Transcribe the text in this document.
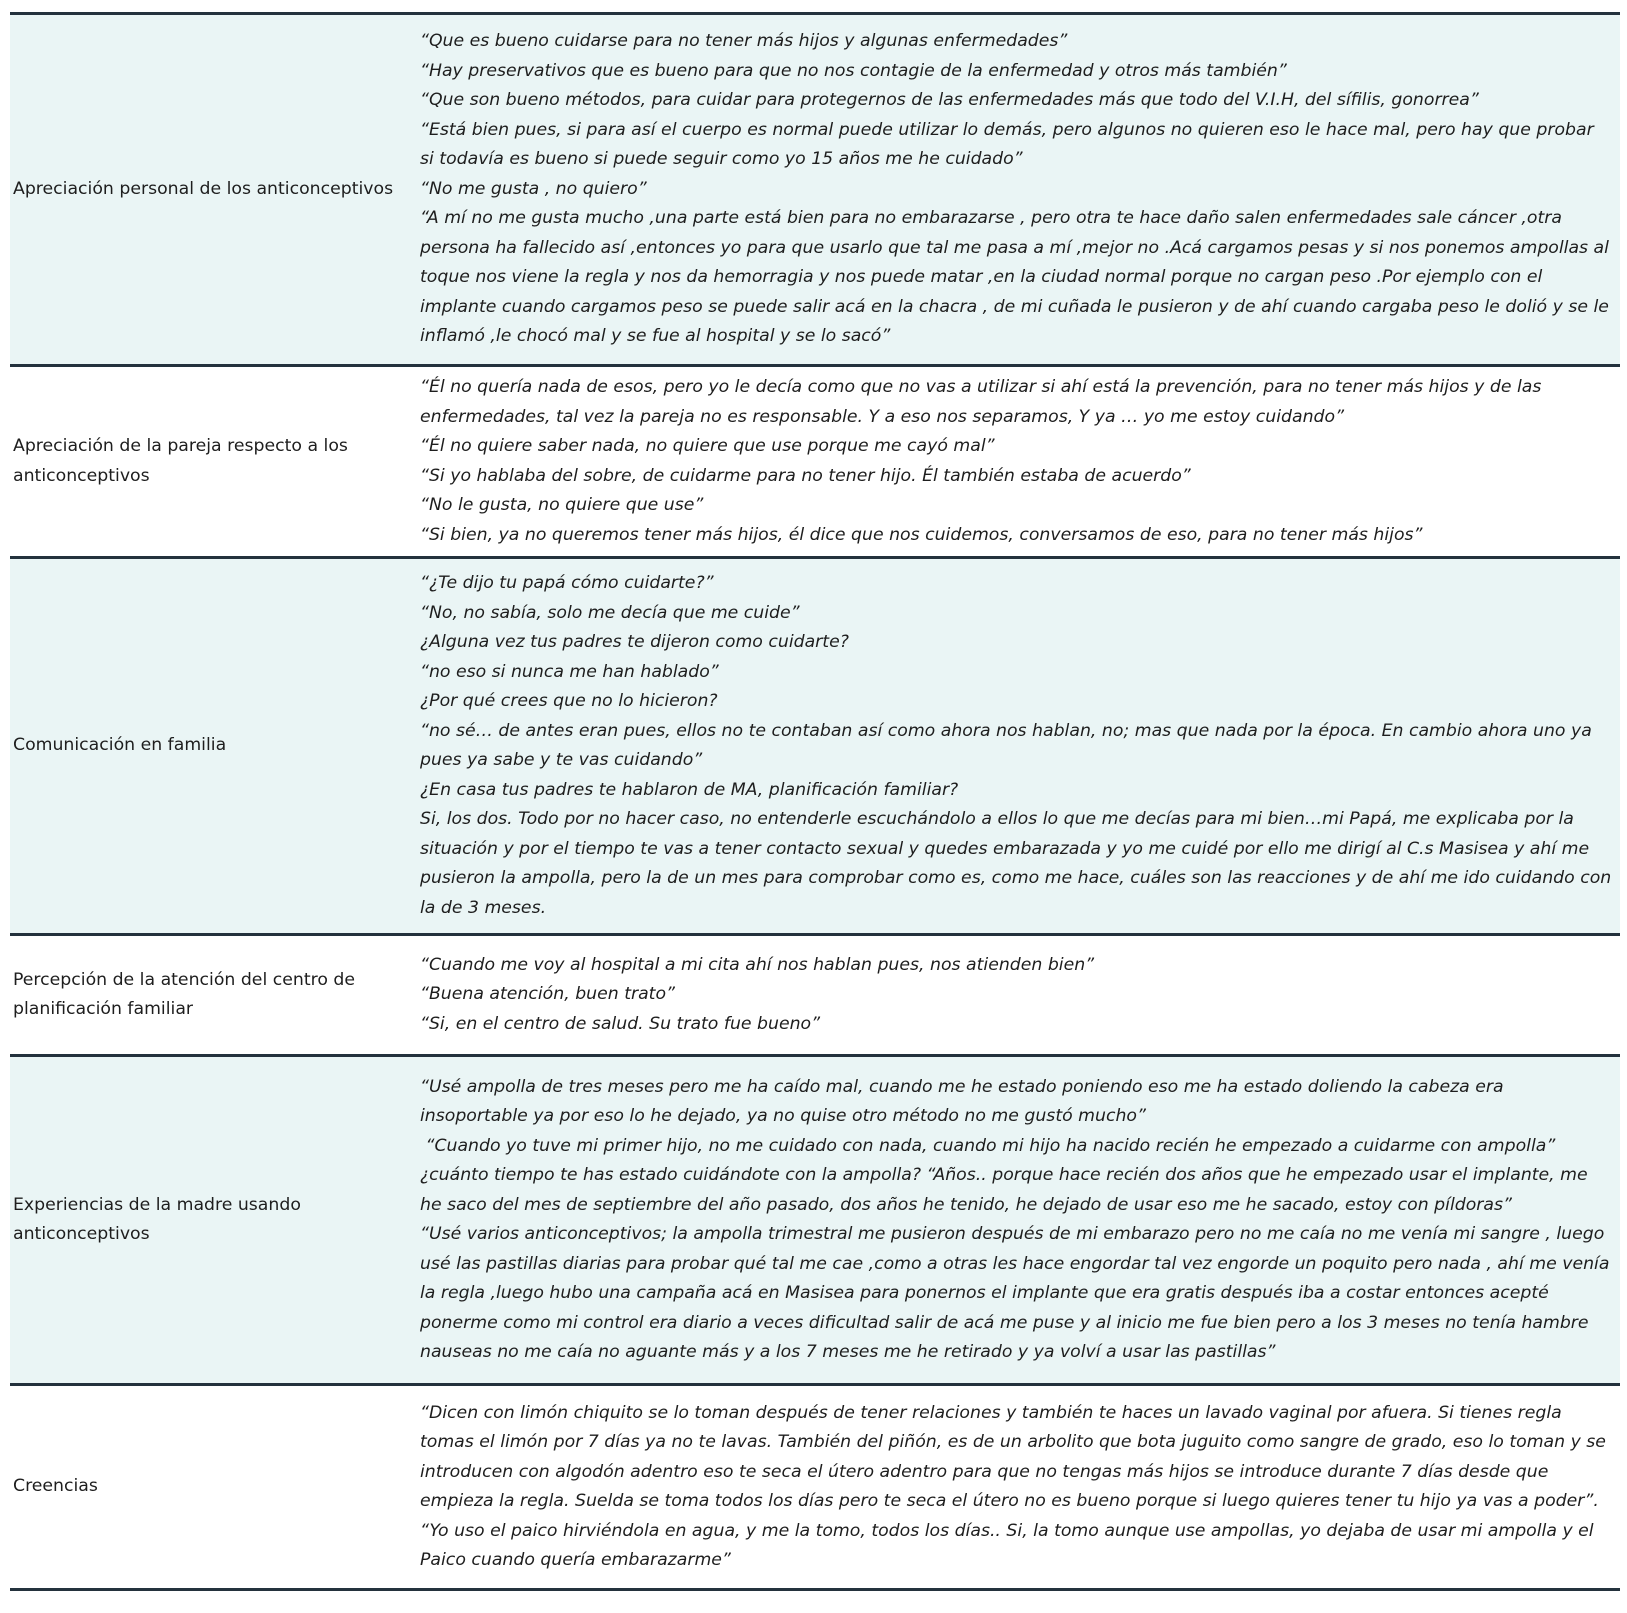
Apreciación personal de los anticonceptivos
“Que es bueno cuidarse para no tener más hijos y algunas enfermedades”
“Hay preservativos que es bueno para que no nos contagie de la enfermedad y otros más también”
“Que son bueno métodos, para cuidar para protegernos de las enfermedades más que todo del V.I.H, del sífilis, gonorrea”
“Está bien pues, si para así el cuerpo es normal puede utilizar lo demás, pero algunos no quieren eso le hace mal, pero hay que probar si todavía es bueno si puede seguir como yo 15 años me he cuidado”
“No me gusta , no quiero”
“A mí no me gusta mucho ,una parte está bien para no embarazarse , pero otra te hace daño salen enfermedades sale cáncer ,otra persona ha fallecido así ,entonces yo para que usarlo que tal me pasa a mí ,mejor no .Acá cargamos pesas y si nos ponemos ampollas al toque nos viene la regla y nos da hemorragia y nos puede matar ,en la ciudad normal porque no cargan peso .Por ejemplo con el implante cuando cargamos peso se puede salir acá en la chacra , de mi cuñada le pusieron y de ahí cuando cargaba peso le dolió y se le inflamó ,le chocó mal y se fue al hospital y se lo sacó”
Apreciación de la pareja respecto a los anticonceptivos
“Él no quería nada de esos, pero yo le decía como que no vas a utilizar si ahí está la prevención, para no tener más hijos y de las enfermedades, tal vez la pareja no es responsable. Y a eso nos separamos, Y ya … yo me estoy cuidando”
“Él no quiere saber nada, no quiere que use porque me cayó mal”
“Si yo hablaba del sobre, de cuidarme para no tener hijo. Él también estaba de acuerdo”
“No le gusta, no quiere que use”
“Si bien, ya no queremos tener más hijos, él dice que nos cuidemos, conversamos de eso, para no tener más hijos”
Comunicación en familia
“¿Te dijo tu papá cómo cuidarte?”
“No, no sabía, solo me decía que me cuide”
¿Alguna vez tus padres te dijeron como cuidarte?
“no eso si nunca me han hablado”
¿Por qué crees que no lo hicieron?
“no sé… de antes eran pues, ellos no te contaban así como ahora nos hablan, no; mas que nada por la época. En cambio ahora uno ya pues ya sabe y te vas cuidando”
¿En casa tus padres te hablaron de MA, planificación familiar?
Si, los dos. Todo por no hacer caso, no entenderle escuchándolo a ellos lo que me decías para mi bien…mi Papá, me explicaba por la situación y por el tiempo te vas a tener contacto sexual y quedes embarazada y yo me cuidé por ello me dirigí al C.s Masisea y ahí me pusieron la ampolla, pero la de un mes para comprobar como es, como me hace, cuáles son las reacciones y de ahí me ido cuidando con la de 3 meses.
Percepción de la atención del centro de planificación familiar
“Cuando me voy al hospital a mi cita ahí nos hablan pues, nos atienden bien”
“Buena atención, buen trato”
“Si, en el centro de salud. Su trato fue bueno”
Experiencias de la madre usando anticonceptivos
“Usé ampolla de tres meses pero me ha caído mal, cuando me he estado poniendo eso me ha estado doliendo la cabeza era insoportable ya por eso lo he dejado, ya no quise otro método no me gustó mucho”
“Cuando yo tuve mi primer hijo, no me cuidado con nada, cuando mi hijo ha nacido recién he empezado a cuidarme con ampolla”
¿cuánto tiempo te has estado cuidándote con la ampolla? “Años.. porque hace recién dos años que he empezado usar el implante, me he saco del mes de septiembre del año pasado, dos años he tenido, he dejado de usar eso me he sacado, estoy con píldoras”
“Usé varios anticonceptivos; la ampolla trimestral me pusieron después de mi embarazo pero no me caía no me venía mi sangre , luego usé las pastillas diarias para probar qué tal me cae ,como a otras les hace engordar tal vez engorde un poquito pero nada , ahí me venía la regla ,luego hubo una campaña acá en Masisea para ponernos el implante que era gratis después iba a costar entonces acepté ponerme como mi control era diario a veces dificultad salir de acá me puse y al inicio me fue bien pero a los 3 meses no tenía hambre nauseas no me caía no aguante más y a los 7 meses me he retirado y ya volví a usar las pastillas”
Creencias
“Dicen con limón chiquito se lo toman después de tener relaciones y también te haces un lavado vaginal por afuera. Si tienes regla tomas el limón por 7 días ya no te lavas. También del piñón, es de un arbolito que bota juguito como sangre de grado, eso lo toman y se introducen con algodón adentro eso te seca el útero adentro para que no tengas más hijos se introduce durante 7 días desde que empieza la regla. Suelda se toma todos los días pero te seca el útero no es bueno porque si luego quieres tener tu hijo ya vas a poder”.
“Yo uso el paico hirviéndola en agua, y me la tomo, todos los días.. Si, la tomo aunque use ampollas, yo dejaba de usar mi ampolla y el Paico cuando quería embarazarme”
